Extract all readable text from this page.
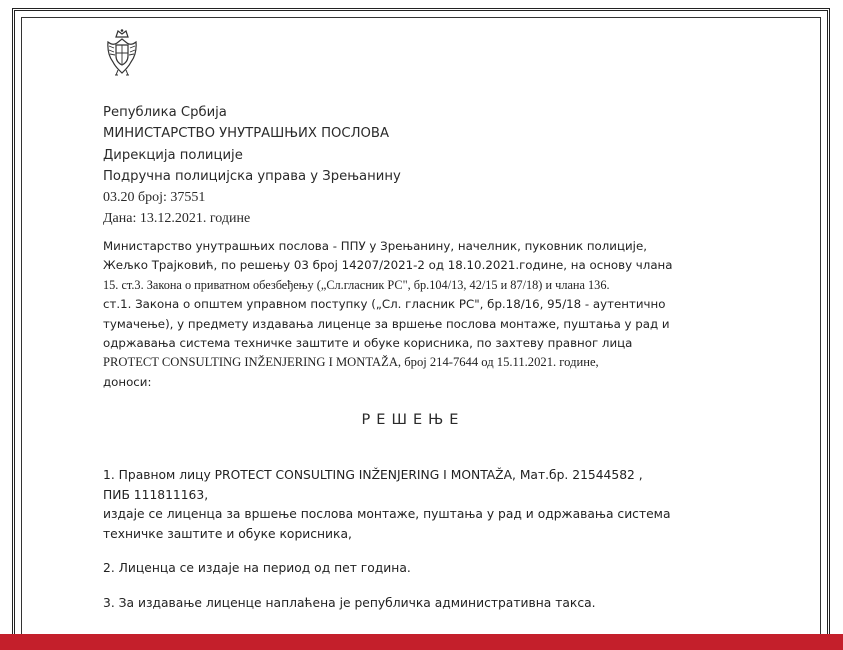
Република Србија
МИНИСТАРСТВО УНУТРАШЊИХ ПОСЛОВА
Дирекција полиције
Подручна полицијска управа у Зрењанину
03.20 број: 37551
Дана: 13.12.2021. године
Министарство унутрашњих послова - ППУ у Зрењанину, начелник, пуковник полиције,
Жељко Трајковић, по решењу 03 број 14207/2021-2 од 18.10.2021.године, на основу члана
15. ст.3. Закона о приватном обезбеђењу („Сл.гласник РС", бр.104/13, 42/15 и 87/18) и члана 136.
ст.1. Закона о општем управном поступку („Сл. гласник РС", бр.18/16, 95/18 - аутентично
тумачење), у предмету издавања лиценце за вршење послова монтаже, пуштања у рад и
одржавања система техничке заштите и обуке корисника, по захтеву правног лица
PROTECT CONSULTING INŽENJERING I MONTAŽA, број 214-7644 од 15.11.2021. године,
доноси:
РЕШЕЊЕ
1. Правном лицу PROTECT CONSULTING INŽENJERING I MONTAŽA, Мат.бр. 21544582 ,
ПИБ 111811163,
издаје се лиценца за вршење послова монтаже, пуштања у рад и одржавања система
техничке заштите и обуке корисника,
2. Лиценца се издаје на период од пет година.
3. За издавање лиценце наплаћена је републичка административна такса.
